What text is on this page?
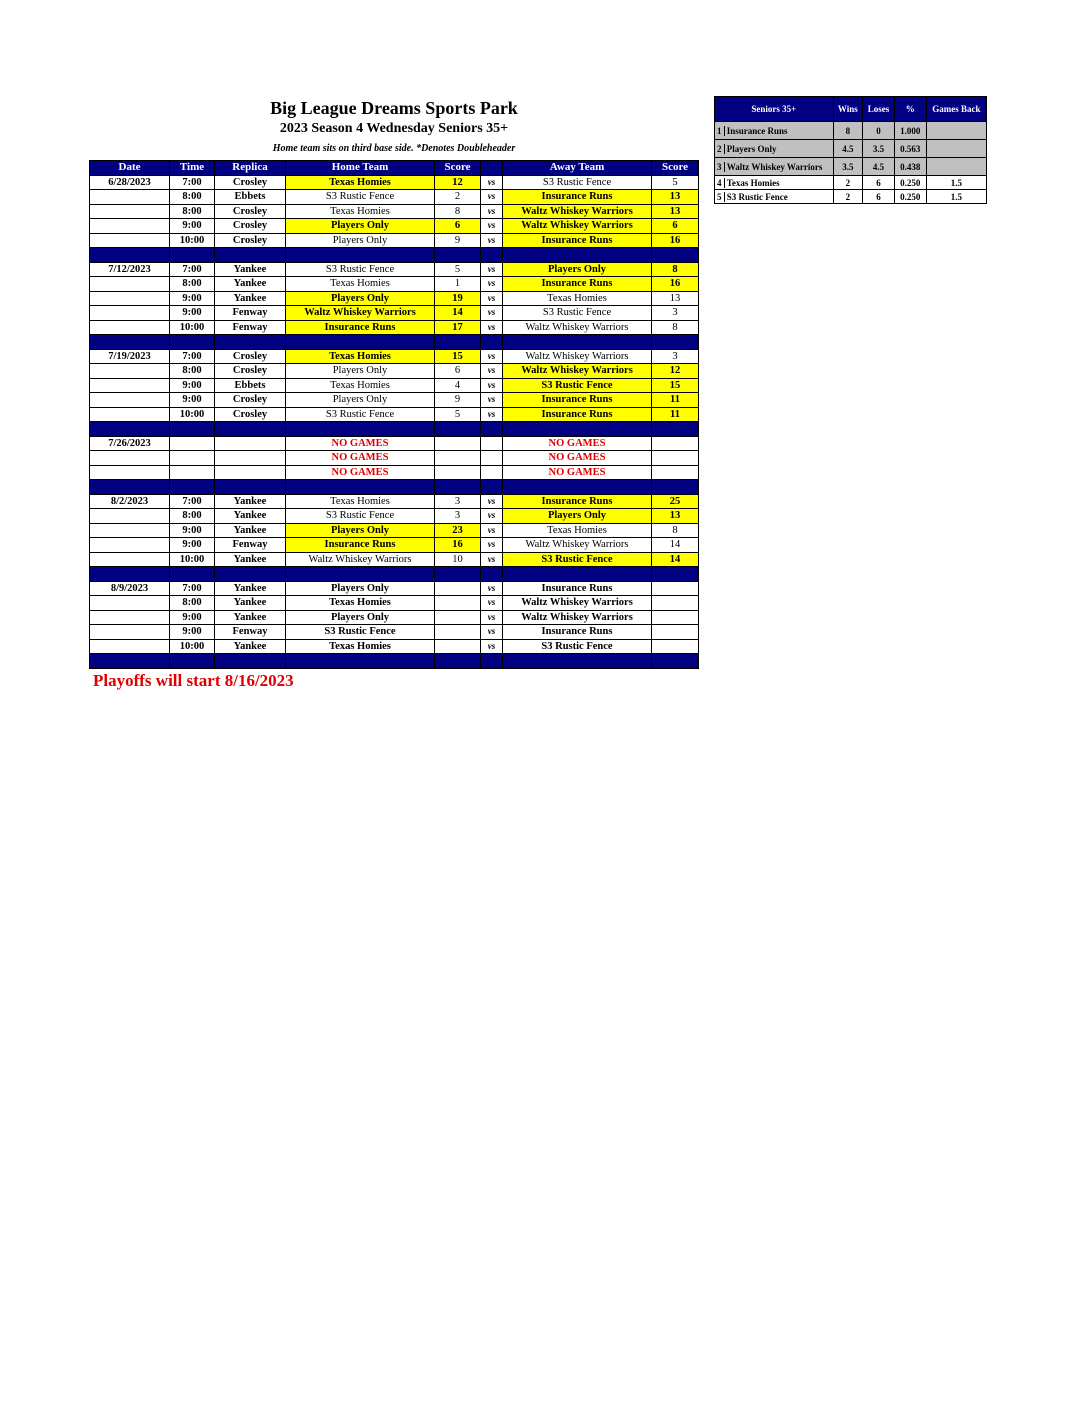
Big League Dreams Sports Park
2023 Season 4 Wednesday Seniors 35+
Home team sits on third base side. *Denotes Doubleheader
Date	Time	Replica	Home Team	Score		Away Team	Score
6/28/2023	7:00	Crosley	Texas Homies	12	vs	S3 Rustic Fence	5
	8:00	Ebbets	S3 Rustic Fence	2	vs	Insurance Runs	13
	8:00	Crosley	Texas Homies	8	vs	Waltz Whiskey Warriors	13
	9:00	Crosley	Players Only	6	vs	Waltz Whiskey Warriors	6
	10:00	Crosley	Players Only	9	vs	Insurance Runs	16

7/12/2023	7:00	Yankee	S3 Rustic Fence	5	vs	Players Only	8
	8:00	Yankee	Texas Homies	1	vs	Insurance Runs	16
	9:00	Yankee	Players Only	19	vs	Texas Homies	13
	9:00	Fenway	Waltz Whiskey Warriors	14	vs	S3 Rustic Fence	3
	10:00	Fenway	Insurance Runs	17	vs	Waltz Whiskey Warriors	8

7/19/2023	7:00	Crosley	Texas Homies	15	vs	Waltz Whiskey Warriors	3
	8:00	Crosley	Players Only	6	vs	Waltz Whiskey Warriors	12
	9:00	Ebbets	Texas Homies	4	vs	S3 Rustic Fence	15
	9:00	Crosley	Players Only	9	vs	Insurance Runs	11
	10:00	Crosley	S3 Rustic Fence	5	vs	Insurance Runs	11

7/26/2023			NO GAMES			NO GAMES	
			NO GAMES			NO GAMES	
			NO GAMES			NO GAMES	

8/2/2023	7:00	Yankee	Texas Homies	3	vs	Insurance Runs	25
	8:00	Yankee	S3 Rustic Fence	3	vs	Players Only	13
	9:00	Yankee	Players Only	23	vs	Texas Homies	8
	9:00	Fenway	Insurance Runs	16	vs	Waltz Whiskey Warriors	14
	10:00	Yankee	Waltz Whiskey Warriors	10	vs	S3 Rustic Fence	14

8/9/2023	7:00	Yankee	Players Only		vs	Insurance Runs	
	8:00	Yankee	Texas Homies		vs	Waltz Whiskey Warriors	
	9:00	Yankee	Players Only		vs	Waltz Whiskey Warriors	
	9:00	Fenway	S3 Rustic Fence		vs	Insurance Runs	
	10:00	Yankee	Texas Homies		vs	S3 Rustic Fence	

Playoffs will start 8/16/2023
Seniors 35+	Wins	Loses	%	Games Back
1 Insurance Runs	8	0	1.000	
2 Players Only	4.5	3.5	0.563	
3 Waltz Whiskey Warriors	3.5	4.5	0.438	
4 Texas Homies	2	6	0.250	1.5
5 S3 Rustic Fence	2	6	0.250	1.5
